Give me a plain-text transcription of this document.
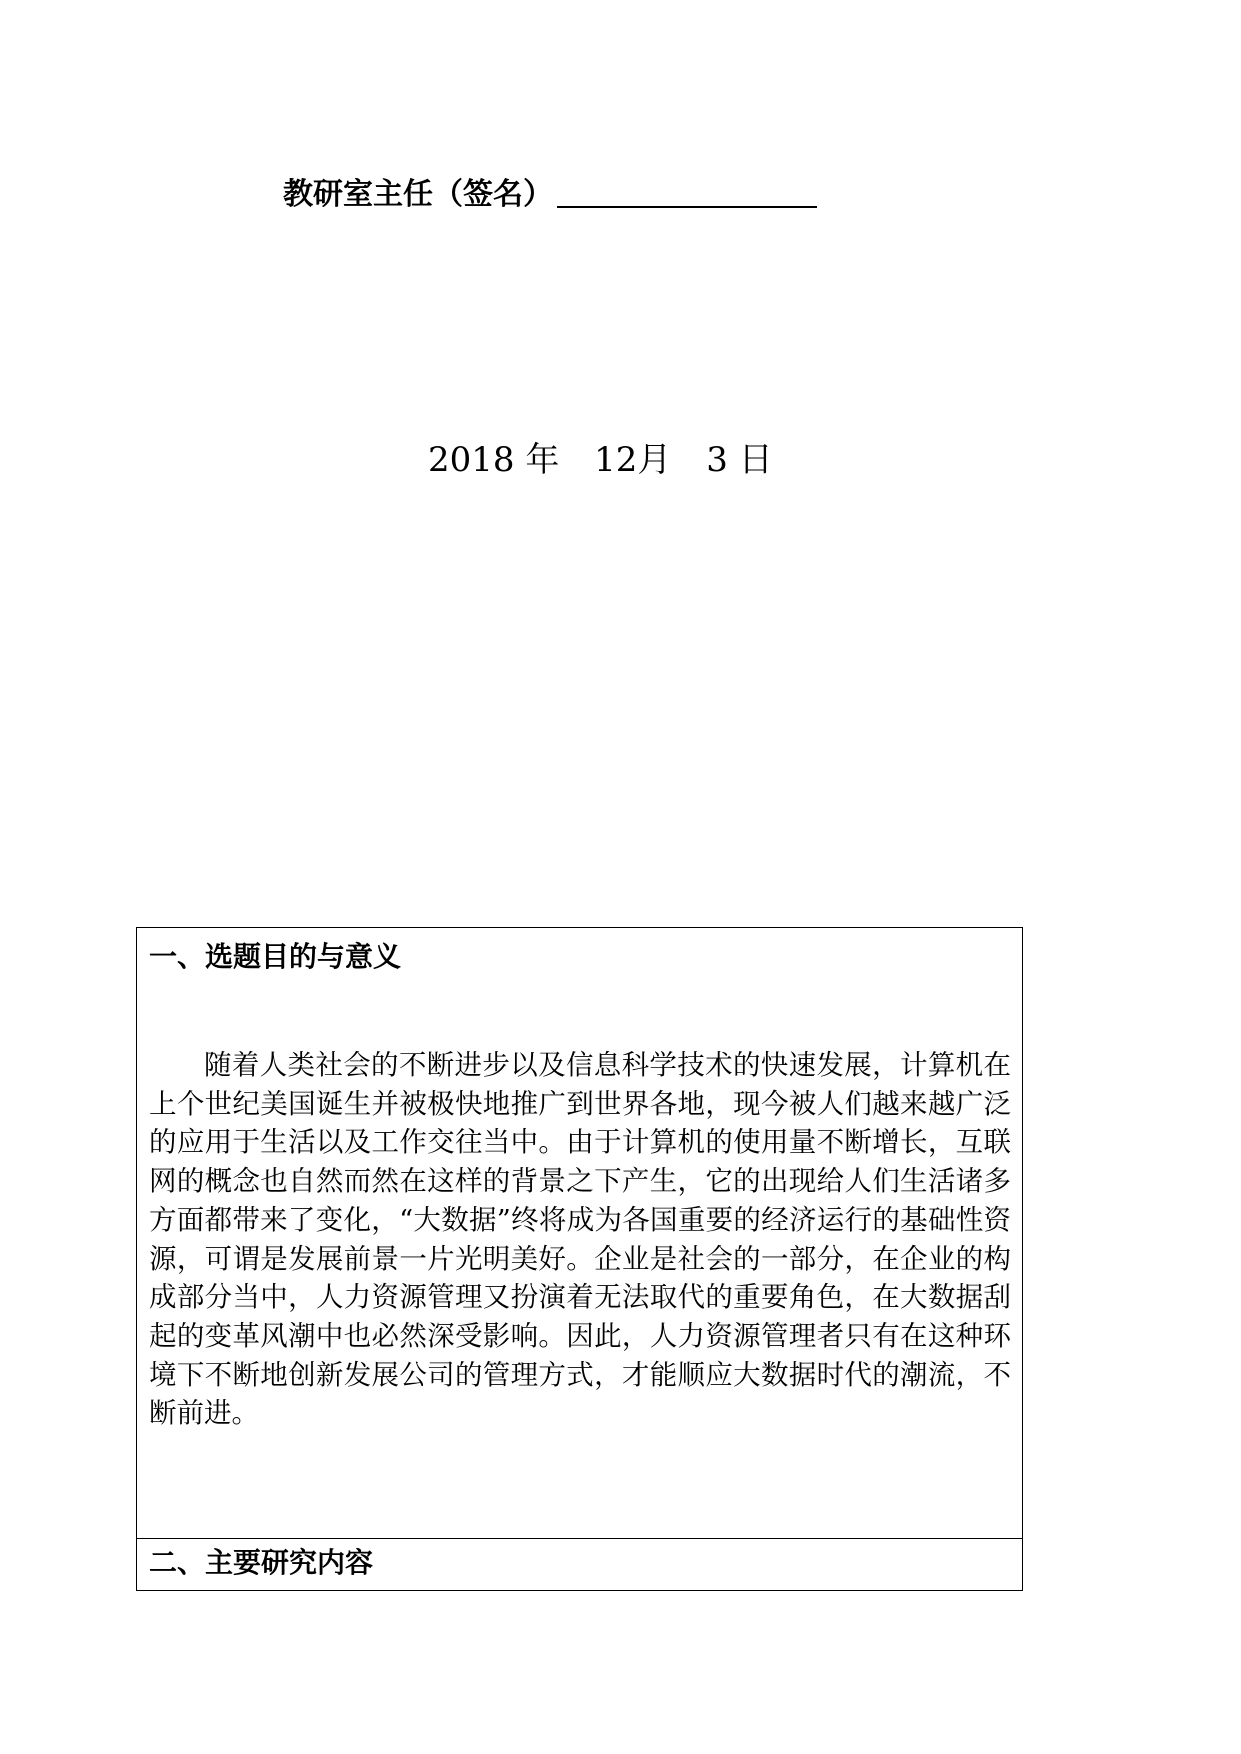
教研室主任（签名）
2018 年 12月 3 日

一、选题目的与意义

随着人类社会的不断进步以及信息科学技术的快速发展，计算机在上个世纪美国诞生并被极快地推广到世界各地，现今被人们越来越广泛的应用于生活以及工作交往当中。由于计算机的使用量不断增长，互联网的概念也自然而然在这样的背景之下产生，它的出现给人们生活诸多方面都带来了变化，“大数据”终将成为各国重要的经济运行的基础性资源，可谓是发展前景一片光明美好。企业是社会的一部分，在企业的构成部分当中，人力资源管理又扮演着无法取代的重要角色，在大数据刮起的变革风潮中也必然深受影响。因此，人力资源管理者只有在这种环境下不断地创新发展公司的管理方式，才能顺应大数据时代的潮流，不断前进。

二、主要研究内容
